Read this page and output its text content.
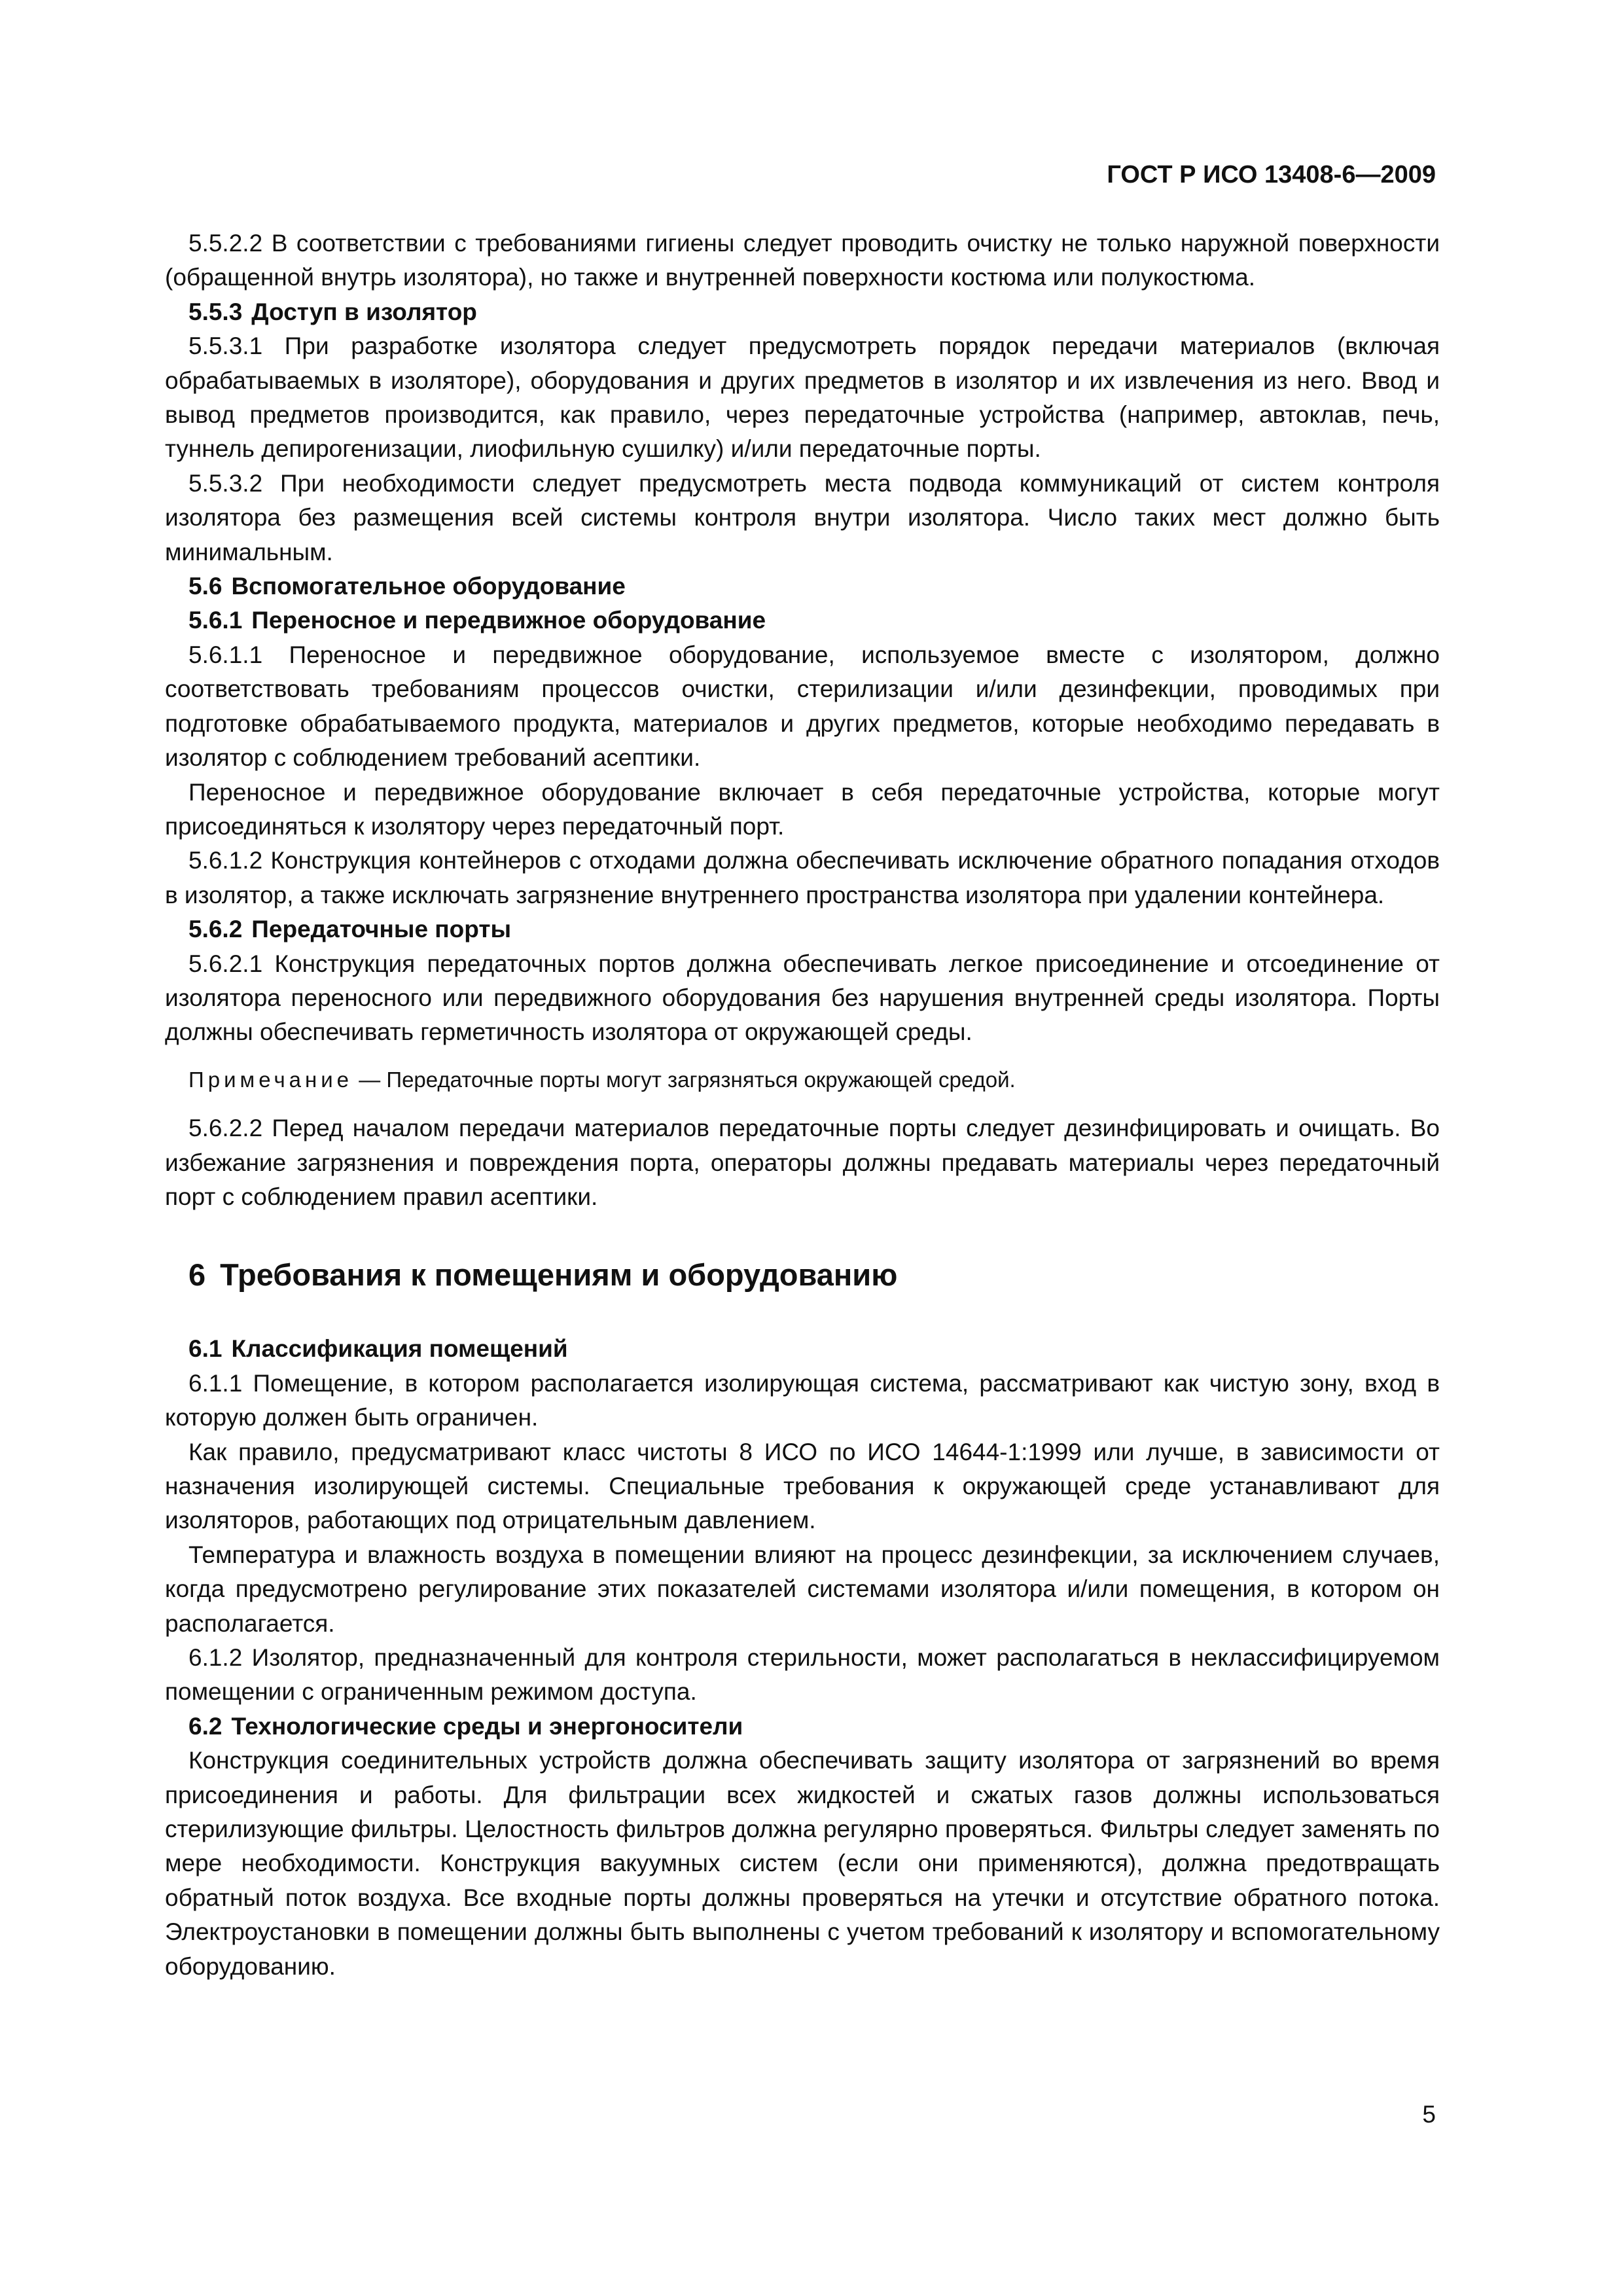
ГОСТ Р ИСО 13408-6—2009

5.5.2.2 В соответствии с требованиями гигиены следует проводить очистку не только наружной поверхности (обращенной внутрь изолятора), но также и внутренней поверхности костюма или полукостюма.

5.5.3 Доступ в изолятор

5.5.3.1 При разработке изолятора следует предусмотреть порядок передачи материалов (включая обрабатываемых в изоляторе), оборудования и других предметов в изолятор и их извлечения из него. Ввод и вывод предметов производится, как правило, через передаточные устройства (например, автоклав, печь, туннель депирогенизации, лиофильную сушилку) и/или передаточные порты.

5.5.3.2 При необходимости следует предусмотреть места подвода коммуникаций от систем контроля изолятора без размещения всей системы контроля внутри изолятора. Число таких мест должно быть минимальным.

5.6 Вспомогательное оборудование
5.6.1 Переносное и передвижное оборудование

5.6.1.1 Переносное и передвижное оборудование, используемое вместе с изолятором, должно соответствовать требованиям процессов очистки, стерилизации и/или дезинфекции, проводимых при подготовке обрабатываемого продукта, материалов и других предметов, которые необходимо передавать в изолятор с соблюдением требований асептики.

Переносное и передвижное оборудование включает в себя передаточные устройства, которые могут присоединяться к изолятору через передаточный порт.

5.6.1.2 Конструкция контейнеров с отходами должна обеспечивать исключение обратного попадания отходов в изолятор, а также исключать загрязнение внутреннего пространства изолятора при удалении контейнера.

5.6.2 Передаточные порты

5.6.2.1 Конструкция передаточных портов должна обеспечивать легкое присоединение и отсоединение от изолятора переносного или передвижного оборудования без нарушения внутренней среды изолятора. Порты должны обеспечивать герметичность изолятора от окружающей среды.

Примечание — Передаточные порты могут загрязняться окружающей средой.

5.6.2.2 Перед началом передачи материалов передаточные порты следует дезинфицировать и очищать. Во избежание загрязнения и повреждения порта, операторы должны предавать материалы через передаточный порт с соблюдением правил асептики.

6 Требования к помещениям и оборудованию
6.1 Классификация помещений

6.1.1 Помещение, в котором располагается изолирующая система, рассматривают как чистую зону, вход в которую должен быть ограничен.

Как правило, предусматривают класс чистоты 8 ИСО по ИСО 14644-1:1999 или лучше, в зависимости от назначения изолирующей системы. Специальные требования к окружающей среде устанавливают для изоляторов, работающих под отрицательным давлением.

Температура и влажность воздуха в помещении влияют на процесс дезинфекции, за исключением случаев, когда предусмотрено регулирование этих показателей системами изолятора и/или помещения, в котором он располагается.

6.1.2 Изолятор, предназначенный для контроля стерильности, может располагаться в неклассифицируемом помещении с ограниченным режимом доступа.

6.2 Технологические среды и энергоносители

Конструкция соединительных устройств должна обеспечивать защиту изолятора от загрязнений во время присоединения и работы. Для фильтрации всех жидкостей и сжатых газов должны использоваться стерилизующие фильтры. Целостность фильтров должна регулярно проверяться. Фильтры следует заменять по мере необходимости. Конструкция вакуумных систем (если они применяются), должна предотвращать обратный поток воздуха. Все входные порты должны проверяться на утечки и отсутствие обратного потока. Электроустановки в помещении должны быть выполнены с учетом требований к изолятору и вспомогательному оборудованию.

5
